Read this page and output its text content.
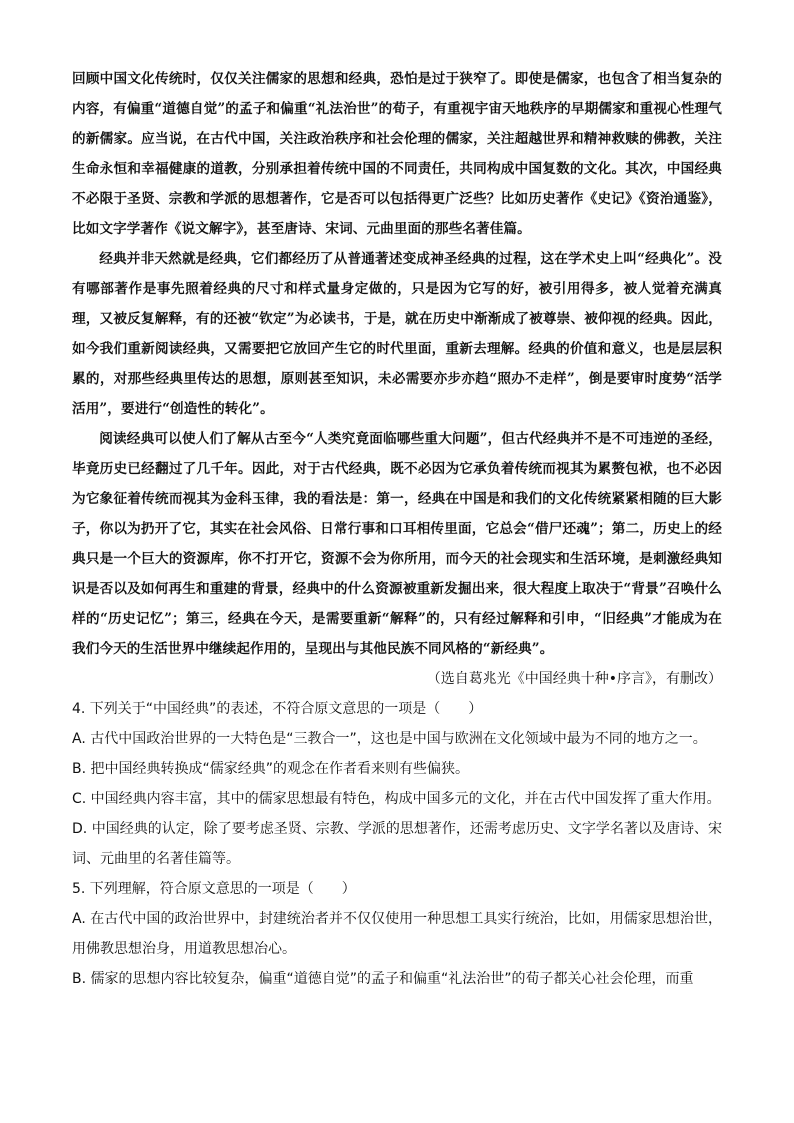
回顾中国文化传统时，仅仅关注儒家的思想和经典，恐怕是过于狭窄了。即使是儒家，也包含了相当复杂的内容，有偏重“道德自觉”的孟子和偏重“礼法治世”的荀子，有重视宇宙天地秩序的早期儒家和重视心性理气的新儒家。应当说，在古代中国，关注政治秩序和社会伦理的儒家，关注超越世界和精神救赎的佛教，关注生命永恒和幸福健康的道教，分别承担着传统中国的不同责任，共同构成中国复数的文化。其次，中国经典不必限于圣贤、宗教和学派的思想著作，它是否可以包括得更广泛些？比如历史著作《史记》《资治通鉴》，比如文字学著作《说文解字》，甚至唐诗、宋词、元曲里面的那些名著佳篇。

经典并非天然就是经典，它们都经历了从普通著述变成神圣经典的过程，这在学术史上叫“经典化”。没有哪部著作是事先照着经典的尺寸和样式量身定做的，只是因为它写的好，被引用得多，被人觉着充满真理，又被反复解释，有的还被“钦定”为必读书，于是，就在历史中渐渐成了被尊崇、被仰视的经典。因此，如今我们重新阅读经典，又需要把它放回产生它的时代里面，重新去理解。经典的价值和意义，也是层层积累的，对那些经典里传达的思想，原则甚至知识，未必需要亦步亦趋“照办不走样”，倒是要审时度势“活学活用”，要进行“创造性的转化”。

阅读经典可以使人们了解从古至今“人类究竟面临哪些重大问题”，但古代经典并不是不可违逆的圣经，毕竟历史已经翻过了几千年。因此，对于古代经典，既不必因为它承负着传统而视其为累赘包袱，也不必因为它象征着传统而视其为金科玉律，我的看法是：第一，经典在中国是和我们的文化传统紧紧相随的巨大影子，你以为扔开了它，其实在社会风俗、日常行事和口耳相传里面，它总会“借尸还魂”；第二，历史上的经典只是一个巨大的资源库，你不打开它，资源不会为你所用，而今天的社会现实和生活环境，是刺激经典知识是否以及如何再生和重建的背景，经典中的什么资源被重新发掘出来，很大程度上取决于“背景”召唤什么样的“历史记忆”；第三，经典在今天，是需要重新“解释”的，只有经过解释和引申，“旧经典”才能成为在我们今天的生活世界中继续起作用的，呈现出与其他民族不同风格的“新经典”。

（选自葛兆光《中国经典十种•序言》，有删改）

4. 下列关于“中国经典”的表述，不符合原文意思的一项是（　　）

A. 古代中国政治世界的一大特色是“三教合一”，这也是中国与欧洲在文化领域中最为不同的地方之一。

B. 把中国经典转换成“儒家经典”的观念在作者看来则有些偏狭。

C. 中国经典内容丰富，其中的儒家思想最有特色，构成中国多元的文化，并在古代中国发挥了重大作用。

D. 中国经典的认定，除了要考虑圣贤、宗教、学派的思想著作，还需考虑历史、文字学名著以及唐诗、宋词、元曲里的名著佳篇等。

5. 下列理解，符合原文意思的一项是（　　）

A. 在古代中国的政治世界中，封建统治者并不仅仅使用一种思想工具实行统治，比如，用儒家思想治世，用佛教思想治身，用道教思想冶心。

B. 儒家的思想内容比较复杂，偏重“道德自觉”的孟子和偏重“礼法治世”的荀子都关心社会伦理，而重
